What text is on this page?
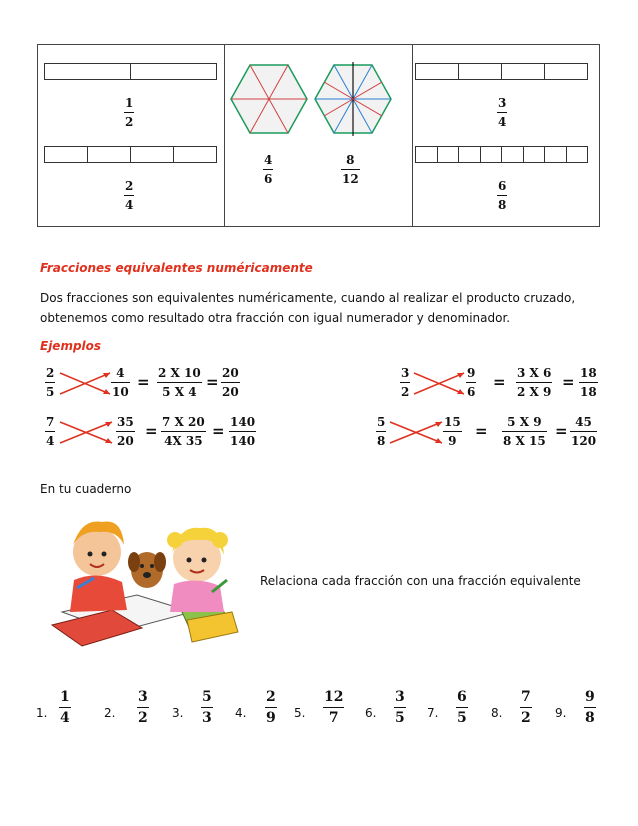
1
2
2
4
4
6
8
12
3
4
6
8
Fracciones equivalentes numéricamente
Dos fracciones son equivalentes numéricamente, cuando al realizar el producto cruzado,
obtenemos como resultado otra fracción con igual numerador y denominador.
Ejemplos
2
5
4
10
= 2 X 10
5 X 4
= 20
20
3
2
9
6
= 3 X 6
2 X 9
= 18
18
7
4
35
20
= 7 X 20
4X 35
= 140
140
5
8
15
9
= 5 X 9
8 X 15
= 45
120
En tu cuaderno
Relaciona cada fracción con una fracción equivalente
1.
1
4	2.
3
2 3.
5
3 4.
2
9 5.
12
7 6.
3
5 7.
6
5 8.
7
2 9.
9
8
